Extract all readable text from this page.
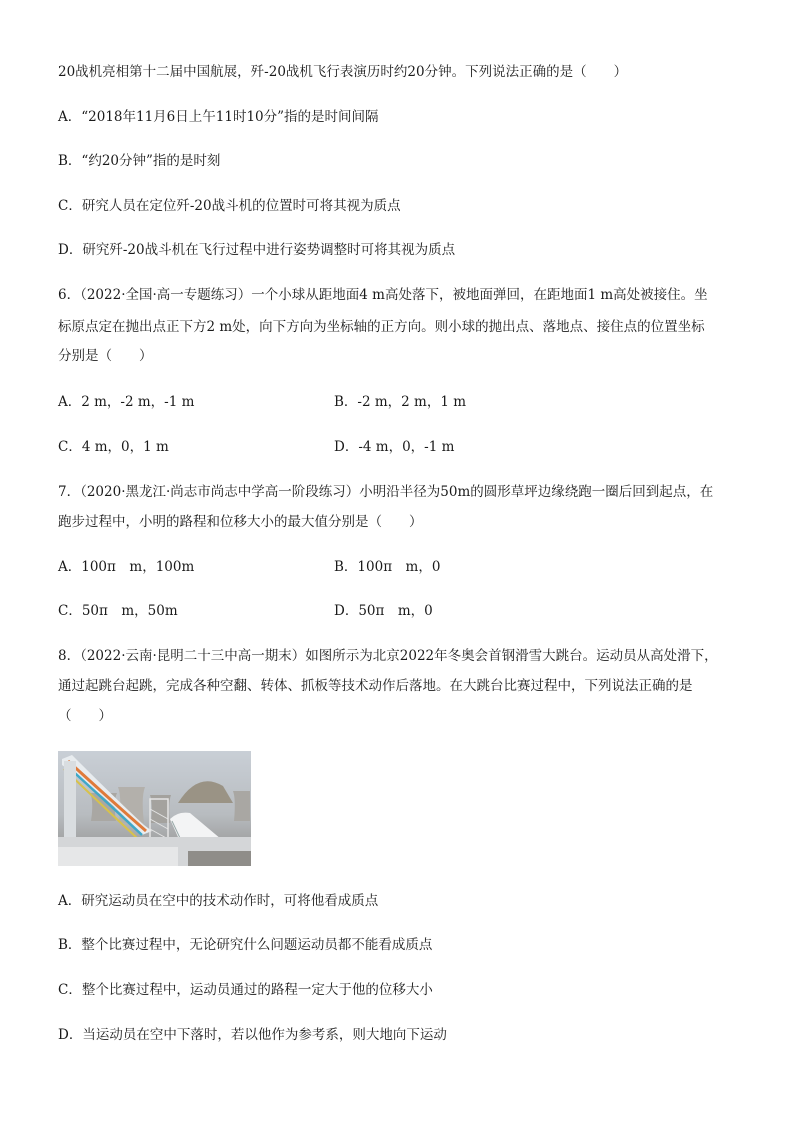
20战机亮相第十二届中国航展，歼-20战机飞行表演历时约20分钟。下列说法正确的是（　　）
A．“2018年11月6日上午11时10分”指的是时间间隔
B．“约20分钟”指的是时刻
C．研究人员在定位歼-20战斗机的位置时可将其视为质点
D．研究歼-20战斗机在飞行过程中进行姿势调整时可将其视为质点
6．（2022·全国·高一专题练习）一个小球从距地面4 m高处落下，被地面弹回，在距地面1 m高处被接住。坐
标原点定在抛出点正下方2 m处，向下方向为坐标轴的正方向。则小球的抛出点、落地点、接住点的位置坐标
分别是（　　）
A．2 m，-2 m，-1 m	B．-2 m，2 m，1 m
C．4 m，0，1 m	D．-4 m，0，-1 m
7．（2020·黑龙江·尚志市尚志中学高一阶段练习）小明沿半径为50m的圆形草坪边缘绕跑一圈后回到起点，在
跑步过程中，小明的路程和位移大小的最大值分别是（　　）
A．100π　m，100m	B．100π　m，0
C．50π　m，50m	D．50π　m，0
8．（2022·云南·昆明二十三中高一期末）如图所示为北京2022年冬奥会首钢滑雪大跳台。运动员从高处滑下，
通过起跳台起跳，完成各种空翻、转体、抓板等技术动作后落地。在大跳台比赛过程中，下列说法正确的是
（　　）
A．研究运动员在空中的技术动作时，可将他看成质点
B．整个比赛过程中，无论研究什么问题运动员都不能看成质点
C．整个比赛过程中，运动员通过的路程一定大于他的位移大小
D．当运动员在空中下落时，若以他作为参考系，则大地向下运动
